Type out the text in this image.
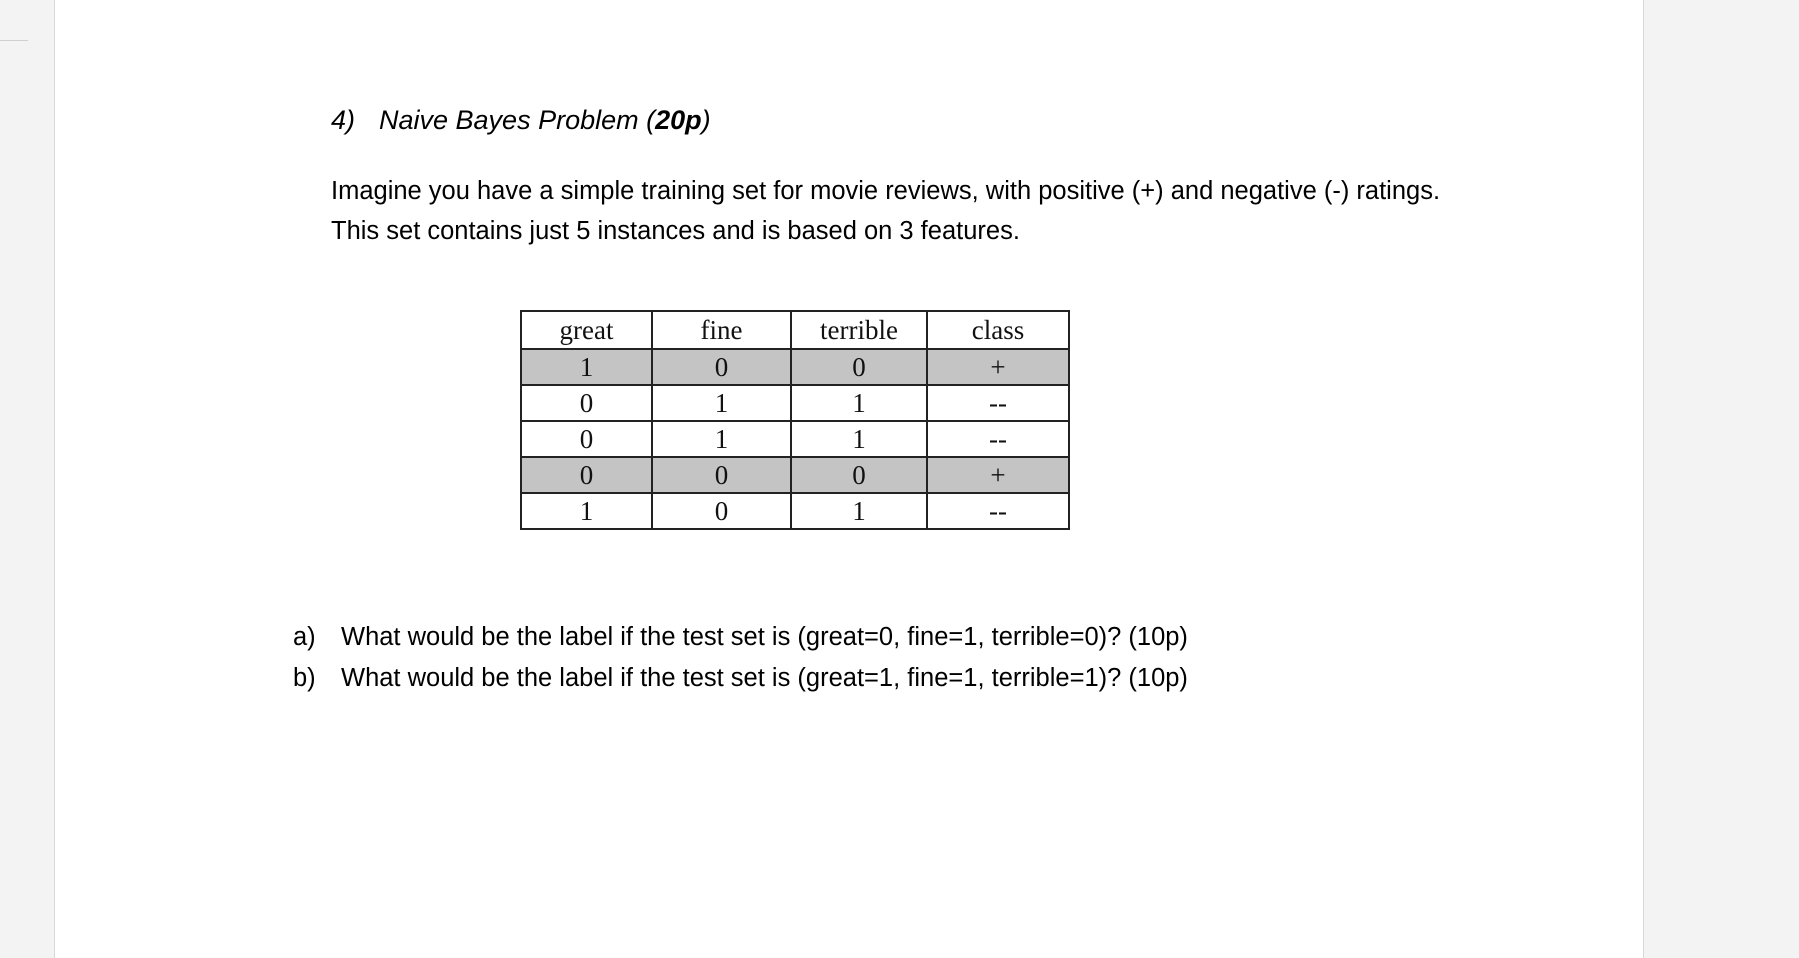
4) Naive Bayes Problem (20p)
Imagine you have a simple training set for movie reviews, with positive (+) and negative (-) ratings. This set contains just 5 instances and is based on 3 features.
great	fine	terrible	class
1	0	0	+
0	1	1	--
0	1	1	--
0	0	0	+
1	0	1	--
a) What would be the label if the test set is (great=0, fine=1, terrible=0)? (10p)
b) What would be the label if the test set is (great=1, fine=1, terrible=1)? (10p)
